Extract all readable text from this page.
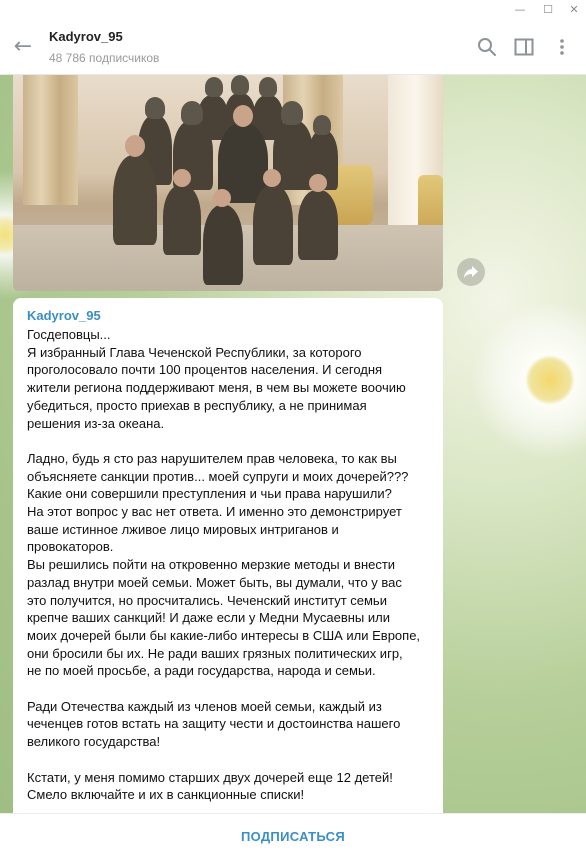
—	☐	✕
← Kadyrov_95
48 786 подписчиков
Kadyrov_95

Госдеповцы...
Я избранный Глава Чеченской Республики, за которого
проголосовало почти 100 процентов населения. И сегодня
жители региона поддерживают меня, в чем вы можете воочию
убедиться, просто приехав в республику, а не принимая
решения из-за океана.

Ладно, будь я сто раз нарушителем прав человека, то как вы
объясняете санкции против... моей супруги и моих дочерей???
Какие они совершили преступления и чьи права нарушили?
На этот вопрос у вас нет ответа. И именно это демонстрирует
ваше истинное лживое лицо мировых интриганов и
провокаторов.
Вы решились пойти на откровенно мерзкие методы и внести
разлад внутри моей семьи. Может быть, вы думали, что у вас
это получится, но просчитались. Чеченский институт семьи
крепче ваших санкций! И даже если у Медни Мусаевны или
моих дочерей были бы какие-либо интересы в США или Европе,
они бросили бы их. Не ради ваших грязных политических игр,
не по моей просьбе, а ради государства, народа и семьи.

Ради Отечества каждый из членов моей семьи, каждый из
чеченцев готов встать на защиту чести и достоинства нашего
великого государства!

Кстати, у меня помимо старших двух дочерей еще 12 детей!
Смело включайте и их в санкционные списки!

ПОДПИСАТЬСЯ
